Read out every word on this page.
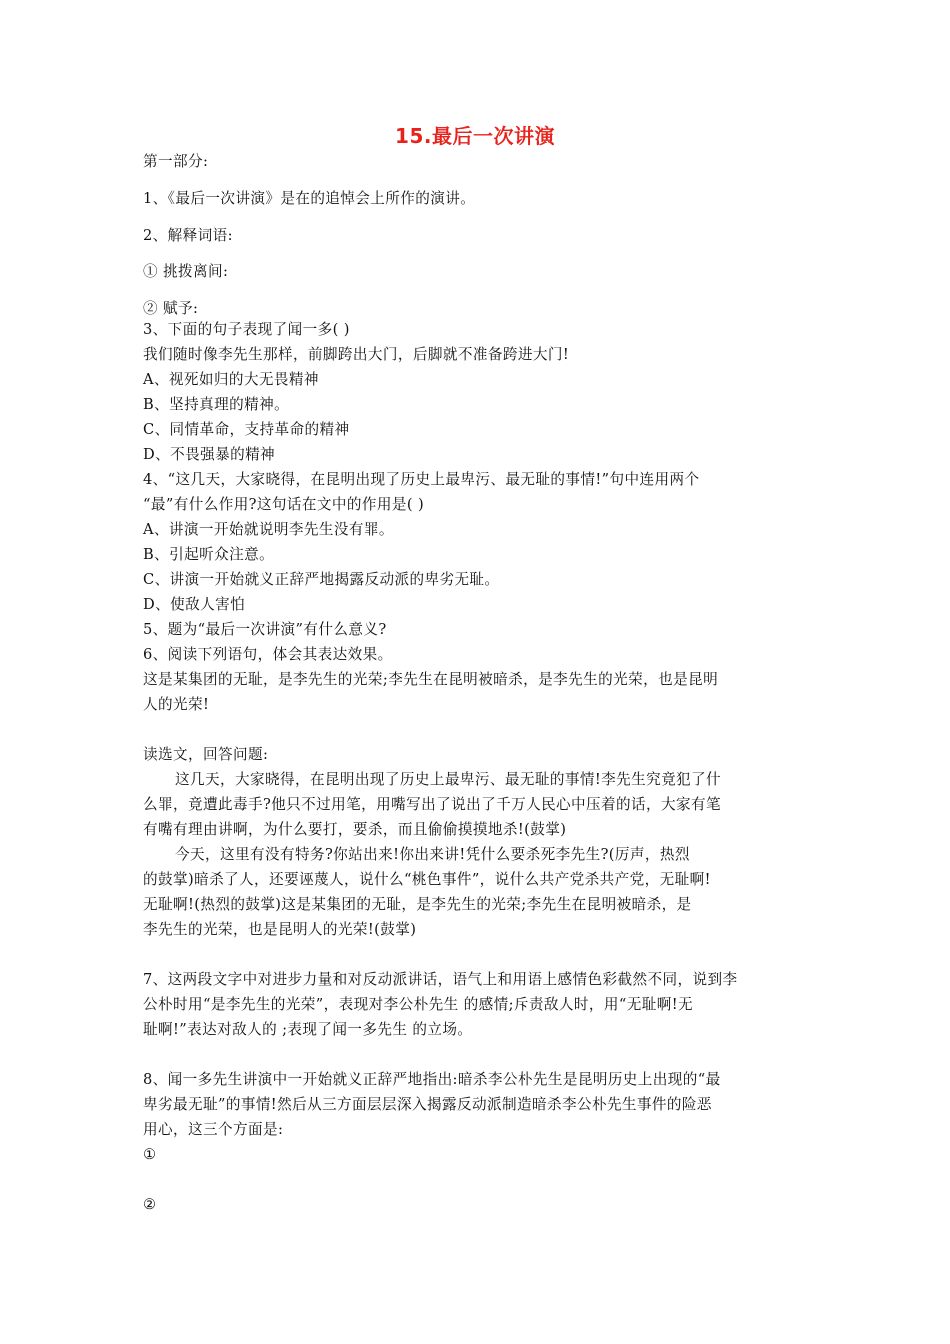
15.最后一次讲演
第一部分:
1、《最后一次讲演》是在的追悼会上所作的演讲。
2、解释词语:
① 挑拨离间:
② 赋予:
3、下面的句子表现了闻一多( )
我们随时像李先生那样，前脚跨出大门，后脚就不准备跨进大门!
A、视死如归的大无畏精神
B、坚持真理的精神。
C、同情革命，支持革命的精神
D、不畏强暴的精神
4、“这几天，大家晓得，在昆明出现了历史上最卑污、最无耻的事情!”句中连用两个
“最”有什么作用?这句话在文中的作用是( )
A、讲演一开始就说明李先生没有罪。
B、引起听众注意。
C、讲演一开始就义正辞严地揭露反动派的卑劣无耻。
D、使敌人害怕
5、题为“最后一次讲演”有什么意义?
6、阅读下列语句，体会其表达效果。
这是某集团的无耻，是李先生的光荣;李先生在昆明被暗杀，是李先生的光荣，也是昆明
人的光荣!
读选文，回答问题:
这几天，大家晓得，在昆明出现了历史上最卑污、最无耻的事情!李先生究竟犯了什
么罪，竟遭此毒手?他只不过用笔，用嘴写出了说出了千万人民心中压着的话，大家有笔
有嘴有理由讲啊，为什么要打，要杀，而且偷偷摸摸地杀!(鼓掌)
今天，这里有没有特务?你站出来!你出来讲!凭什么要杀死李先生?(厉声，热烈
的鼓掌)暗杀了人，还要诬蔑人，说什么“桃色事件”，说什么共产党杀共产党，无耻啊!
无耻啊!(热烈的鼓掌)这是某集团的无耻，是李先生的光荣;李先生在昆明被暗杀，是
李先生的光荣，也是昆明人的光荣!(鼓掌)
7、这两段文字中对进步力量和对反动派讲话，语气上和用语上感情色彩截然不同，说到李
公朴时用“是李先生的光荣”，表现对李公朴先生 的感情;斥责敌人时，用“无耻啊!无
耻啊!”表达对敌人的 ;表现了闻一多先生 的立场。
8、闻一多先生讲演中一开始就义正辞严地指出:暗杀李公朴先生是昆明历史上出现的“最
卑劣最无耻”的事情!然后从三方面层层深入揭露反动派制造暗杀李公朴先生事件的险恶
用心，这三个方面是:
①
②
